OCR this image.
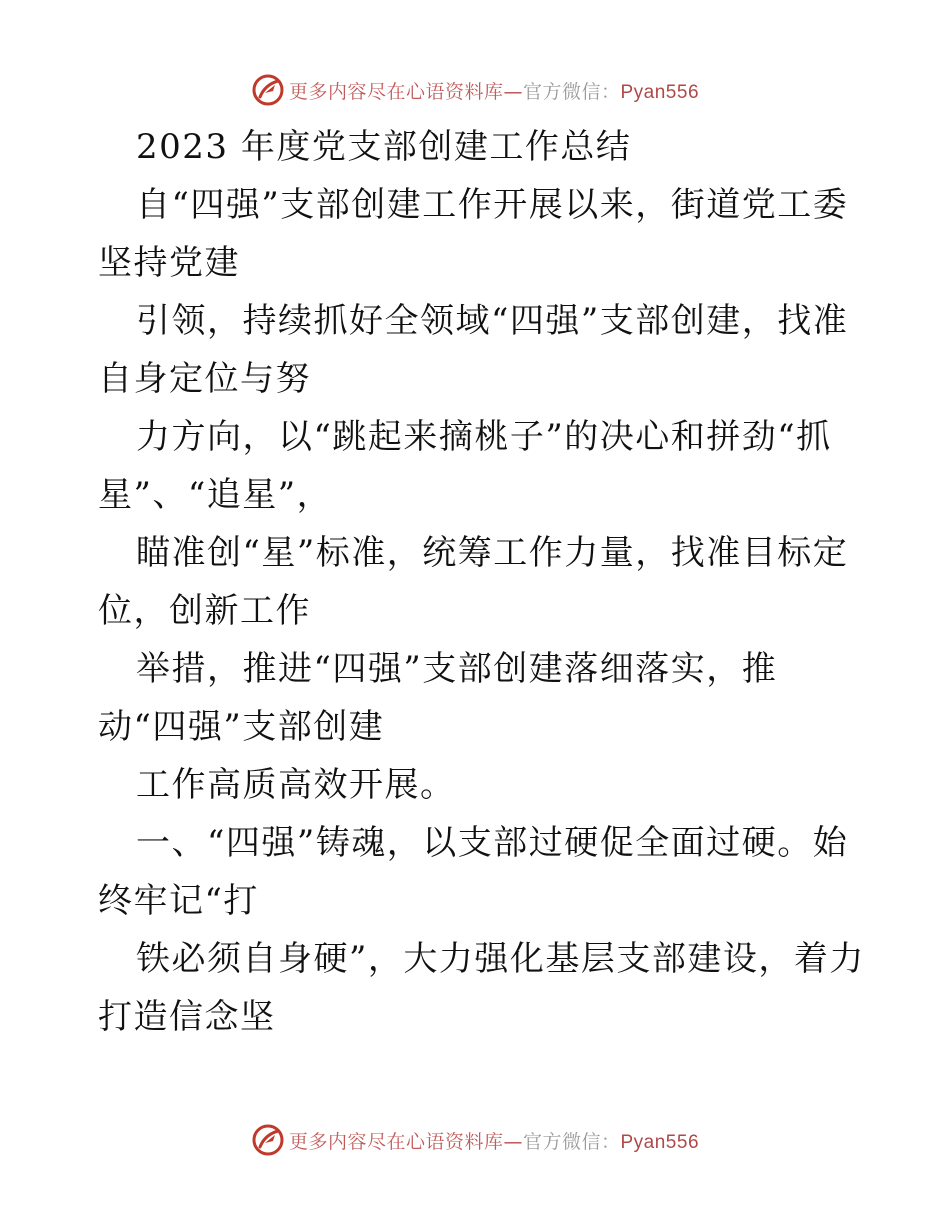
更多内容尽在心语资料库—官方微信：Pyan556
2023 年度党支部创建工作总结
自“四强”支部创建工作开展以来，街道党工委
坚持党建
引领，持续抓好全领域“四强”支部创建，找准
自身定位与努
力方向，以“跳起来摘桃子”的决心和拼劲“抓
星”、“追星”，
瞄准创“星”标准，统筹工作力量，找准目标定
位，创新工作
举措，推进“四强”支部创建落细落实，推
动“四强”支部创建
工作高质高效开展。
一、“四强”铸魂，以支部过硬促全面过硬。始
终牢记“打
铁必须自身硬”，大力强化基层支部建设，着力
打造信念坚
更多内容尽在心语资料库—官方微信：Pyan556
